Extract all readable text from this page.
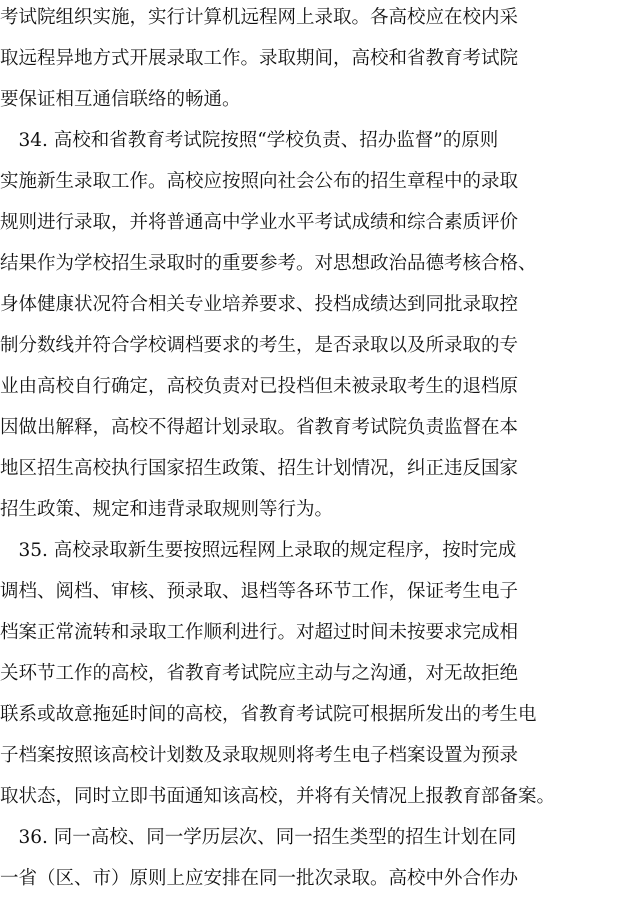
考试院组织实施，实行计算机远程网上录取。各高校应在校内采
取远程异地方式开展录取工作。录取期间，高校和省教育考试院
要保证相互通信联络的畅通。
　34. 高校和省教育考试院按照“学校负责、招办监督”的原则
实施新生录取工作。高校应按照向社会公布的招生章程中的录取
规则进行录取，并将普通高中学业水平考试成绩和综合素质评价
结果作为学校招生录取时的重要参考。对思想政治品德考核合格、
身体健康状况符合相关专业培养要求、投档成绩达到同批录取控
制分数线并符合学校调档要求的考生，是否录取以及所录取的专
业由高校自行确定，高校负责对已投档但未被录取考生的退档原
因做出解释，高校不得超计划录取。省教育考试院负责监督在本
地区招生高校执行国家招生政策、招生计划情况，纠正违反国家
招生政策、规定和违背录取规则等行为。
　35. 高校录取新生要按照远程网上录取的规定程序，按时完成
调档、阅档、审核、预录取、退档等各环节工作，保证考生电子
档案正常流转和录取工作顺利进行。对超过时间未按要求完成相
关环节工作的高校，省教育考试院应主动与之沟通，对无故拒绝
联系或故意拖延时间的高校，省教育考试院可根据所发出的考生电
子档案按照该高校计划数及录取规则将考生电子档案设置为预录
取状态，同时立即书面通知该高校，并将有关情况上报教育部备案。
　36. 同一高校、同一学历层次、同一招生类型的招生计划在同
一省（区、市）原则上应安排在同一批次录取。高校中外合作办
